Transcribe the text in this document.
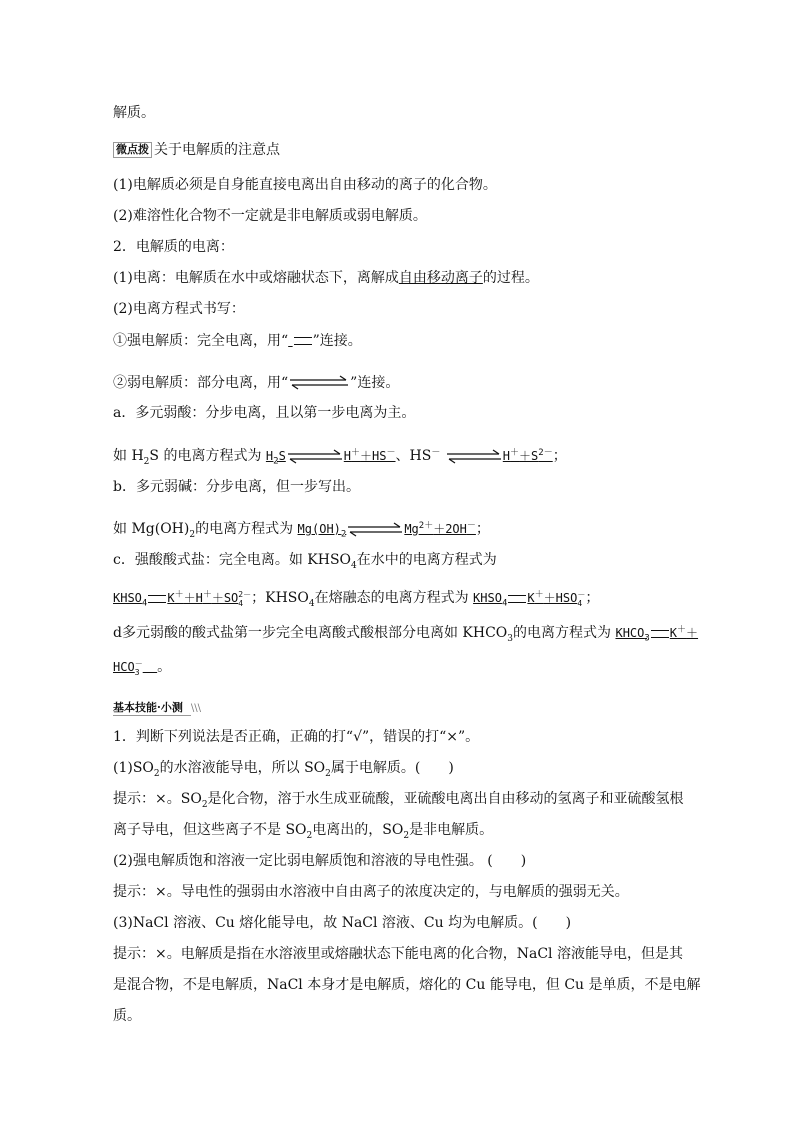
解质。
微点拨 关于电解质的注意点
(1)电解质必须是自身能直接电离出自由移动的离子的化合物。
(2)难溶性化合物不一定就是非电解质或弱电解质。
2．电解质的电离：
(1)电离：电解质在水中或熔融状态下，离解成自由移动离子的过程。
(2)电离方程式书写：
①强电解质：完全电离，用“ ”连接。
②弱电解质：部分电离，用“	”连接。
a．多元弱酸：分步电离，且以第一步电离为主。
如 $H_2S$ 的电离方程式为 $H_2S$	H＋＋HS－、HS－	$H^++S^{2-}$；
b．多元弱碱：分步电离，但一步写出。
如 $Mg(OH)_2$的电离方程式为 $Mg(OH)_2$	$Mg^{2+}+2OH^-$；
c．强酸酸式盐：完全电离。如 $KHSO_4$在水中的电离方程式为
$KHSO_4$ K＋＋H＋＋SO 2－
4 ；$KHSO_4$在熔融态的电离方程式为 $KHSO_4$ K＋＋HSO －
4 ；
d多元弱酸的酸式盐第一步完全电离酸式酸根部分电离如 $KHCO_3$的电离方程式为 $KHCO_3$ K＋＋
HCO －
3 。
基本技能·小测 \\\
1．判断下列说法是否正确，正确的打“√”，错误的打“×”。
$(1)SO_2$的水溶液能导电，所以 $SO_2$属于电解质。(　　)
提示：×。$SO_2$是化合物，溶于水生成亚硫酸，亚硫酸电离出自由移动的氢离子和亚硫酸氢根
离子导电，但这些离子不是 $SO_2$电离出的，$SO_2$是非电解质。
(2)强电解质饱和溶液一定比弱电解质饱和溶液的导电性强。 (　　)
提示：×。导电性的强弱由水溶液中自由离子的浓度决定的，与电解质的强弱无关。
(3)NaCl 溶液、Cu 熔化能导电，故 NaCl 溶液、Cu 均为电解质。(　　)
提示：×。电解质是指在水溶液里或熔融状态下能电离的化合物，NaCl 溶液能导电，但是其
是混合物，不是电解质，NaCl 本身才是电解质，熔化的 Cu 能导电，但 Cu 是单质，不是电解
质。
